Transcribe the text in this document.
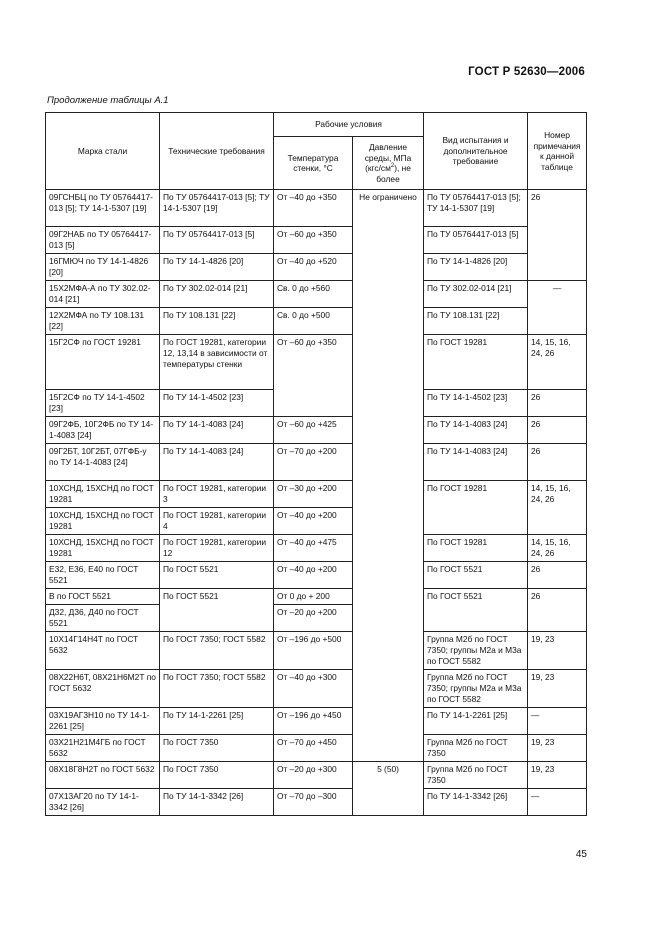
ГОСТ Р 52630—2006
Продолжение таблицы А.1
Марка стали	Технические требования	Рабочие условия		Вид испытания и дополнительное требование	Номер примечания к данной таблице
		Температура стенки, °С	Давление среды, МПа $(кгс/см^2)$, не более		
09ГСНБЦ по ТУ 05764417-013 [5]; ТУ 14-1-5307 [19]	По ТУ 05764417-013 [5]; ТУ 14-1-5307 [19]	От –40 до +350	Не ограничено	По ТУ 05764417-013 [5]; ТУ 14-1-5307 [19]	26
09Г2НАБ по ТУ 05764417-013 [5]	По ТУ 05764417-013 [5]	От –60 до +350		По ТУ 05764417-013 [5]	
16ГМЮЧ по ТУ 14-1-4826 [20]	По ТУ 14-1-4826 [20]	От –40 до +520		По ТУ 14-1-4826 [20]	
15Х2МФА-А по ТУ 302.02-014 [21]	По ТУ 302.02-014 [21]	Св. 0 до +560		По ТУ 302.02-014 [21]	—
12Х2МФА по ТУ 108.131 [22]	По ТУ 108.131 [22]	Св. 0 до +500		По ТУ 108.131 [22]	
15Г2СФ по ГОСТ 19281	По ГОСТ 19281, категории 12, 13,14 в зависимости от температуры стенки	От –60 до +350		По ГОСТ 19281	14, 15, 16, 24, 26
15Г2СФ по ТУ 14-1-4502 [23]	По ТУ 14-1-4502 [23]			По ТУ 14-1-4502 [23]	26
09Г2ФБ, 10Г2ФБ по ТУ 14-1-4083 [24]	По ТУ 14-1-4083 [24]	От –60 до +425		По ТУ 14-1-4083 [24]	26
09Г2БТ, 10Г2БТ, 07ГФБ-у по ТУ 14-1-4083 [24]	По ТУ 14-1-4083 [24]	От –70 до +200		По ТУ 14-1-4083 [24]	26
10ХСНД, 15ХСНД по ГОСТ 19281	По ГОСТ 19281, категории 3	От –30 до +200		По ГОСТ 19281	14, 15, 16, 24, 26
10ХСНД, 15ХСНД по ГОСТ 19281	По ГОСТ 19281, категории 4	От –40 до +200			
10ХСНД, 15ХСНД по ГОСТ 19281	По ГОСТ 19281, категории 12	От –40 до +475		По ГОСТ 19281	14, 15, 16, 24, 26
Е32, Е36, Е40 по ГОСТ 5521	По ГОСТ 5521	От –40 до +200		По ГОСТ 5521	26
В по ГОСТ 5521	По ГОСТ 5521	От 0 до + 200		По ГОСТ 5521	26
Д32, Д36, Д40 по ГОСТ 5521		От –20 до +200			
10Х14Г14Н4Т по ГОСТ 5632	По ГОСТ 7350; ГОСТ 5582	От –196 до +500		Группа М2б по ГОСТ 7350; группы М2а и М3а по ГОСТ 5582	19, 23
08Х22Н6Т, 08Х21Н6М2Т по ГОСТ 5632	По ГОСТ 7350; ГОСТ 5582	От –40 до +300		Группа М2б по ГОСТ 7350; группы М2а и М3а по ГОСТ 5582	19, 23
03Х19АГ3Н10 по ТУ 14-1-2261 [25]	По ТУ 14-1-2261 [25]	От –196 до +450		По ТУ 14-1-2261 [25]	—
03Х21Н21М4ГБ по ГОСТ 5632	По ГОСТ 7350	От –70 до +450		Группа М2б по ГОСТ 7350	19, 23
08Х18Г8Н2Т по ГОСТ 5632	По ГОСТ 7350	От –20 до +300	5 (50)	Группа М2б по ГОСТ 7350	19, 23
07Х13АГ20 по ТУ 14-1-3342 [26]	По ТУ 14-1-3342 [26]	От –70 до –300		По ТУ 14-1-3342 [26]	—
45
